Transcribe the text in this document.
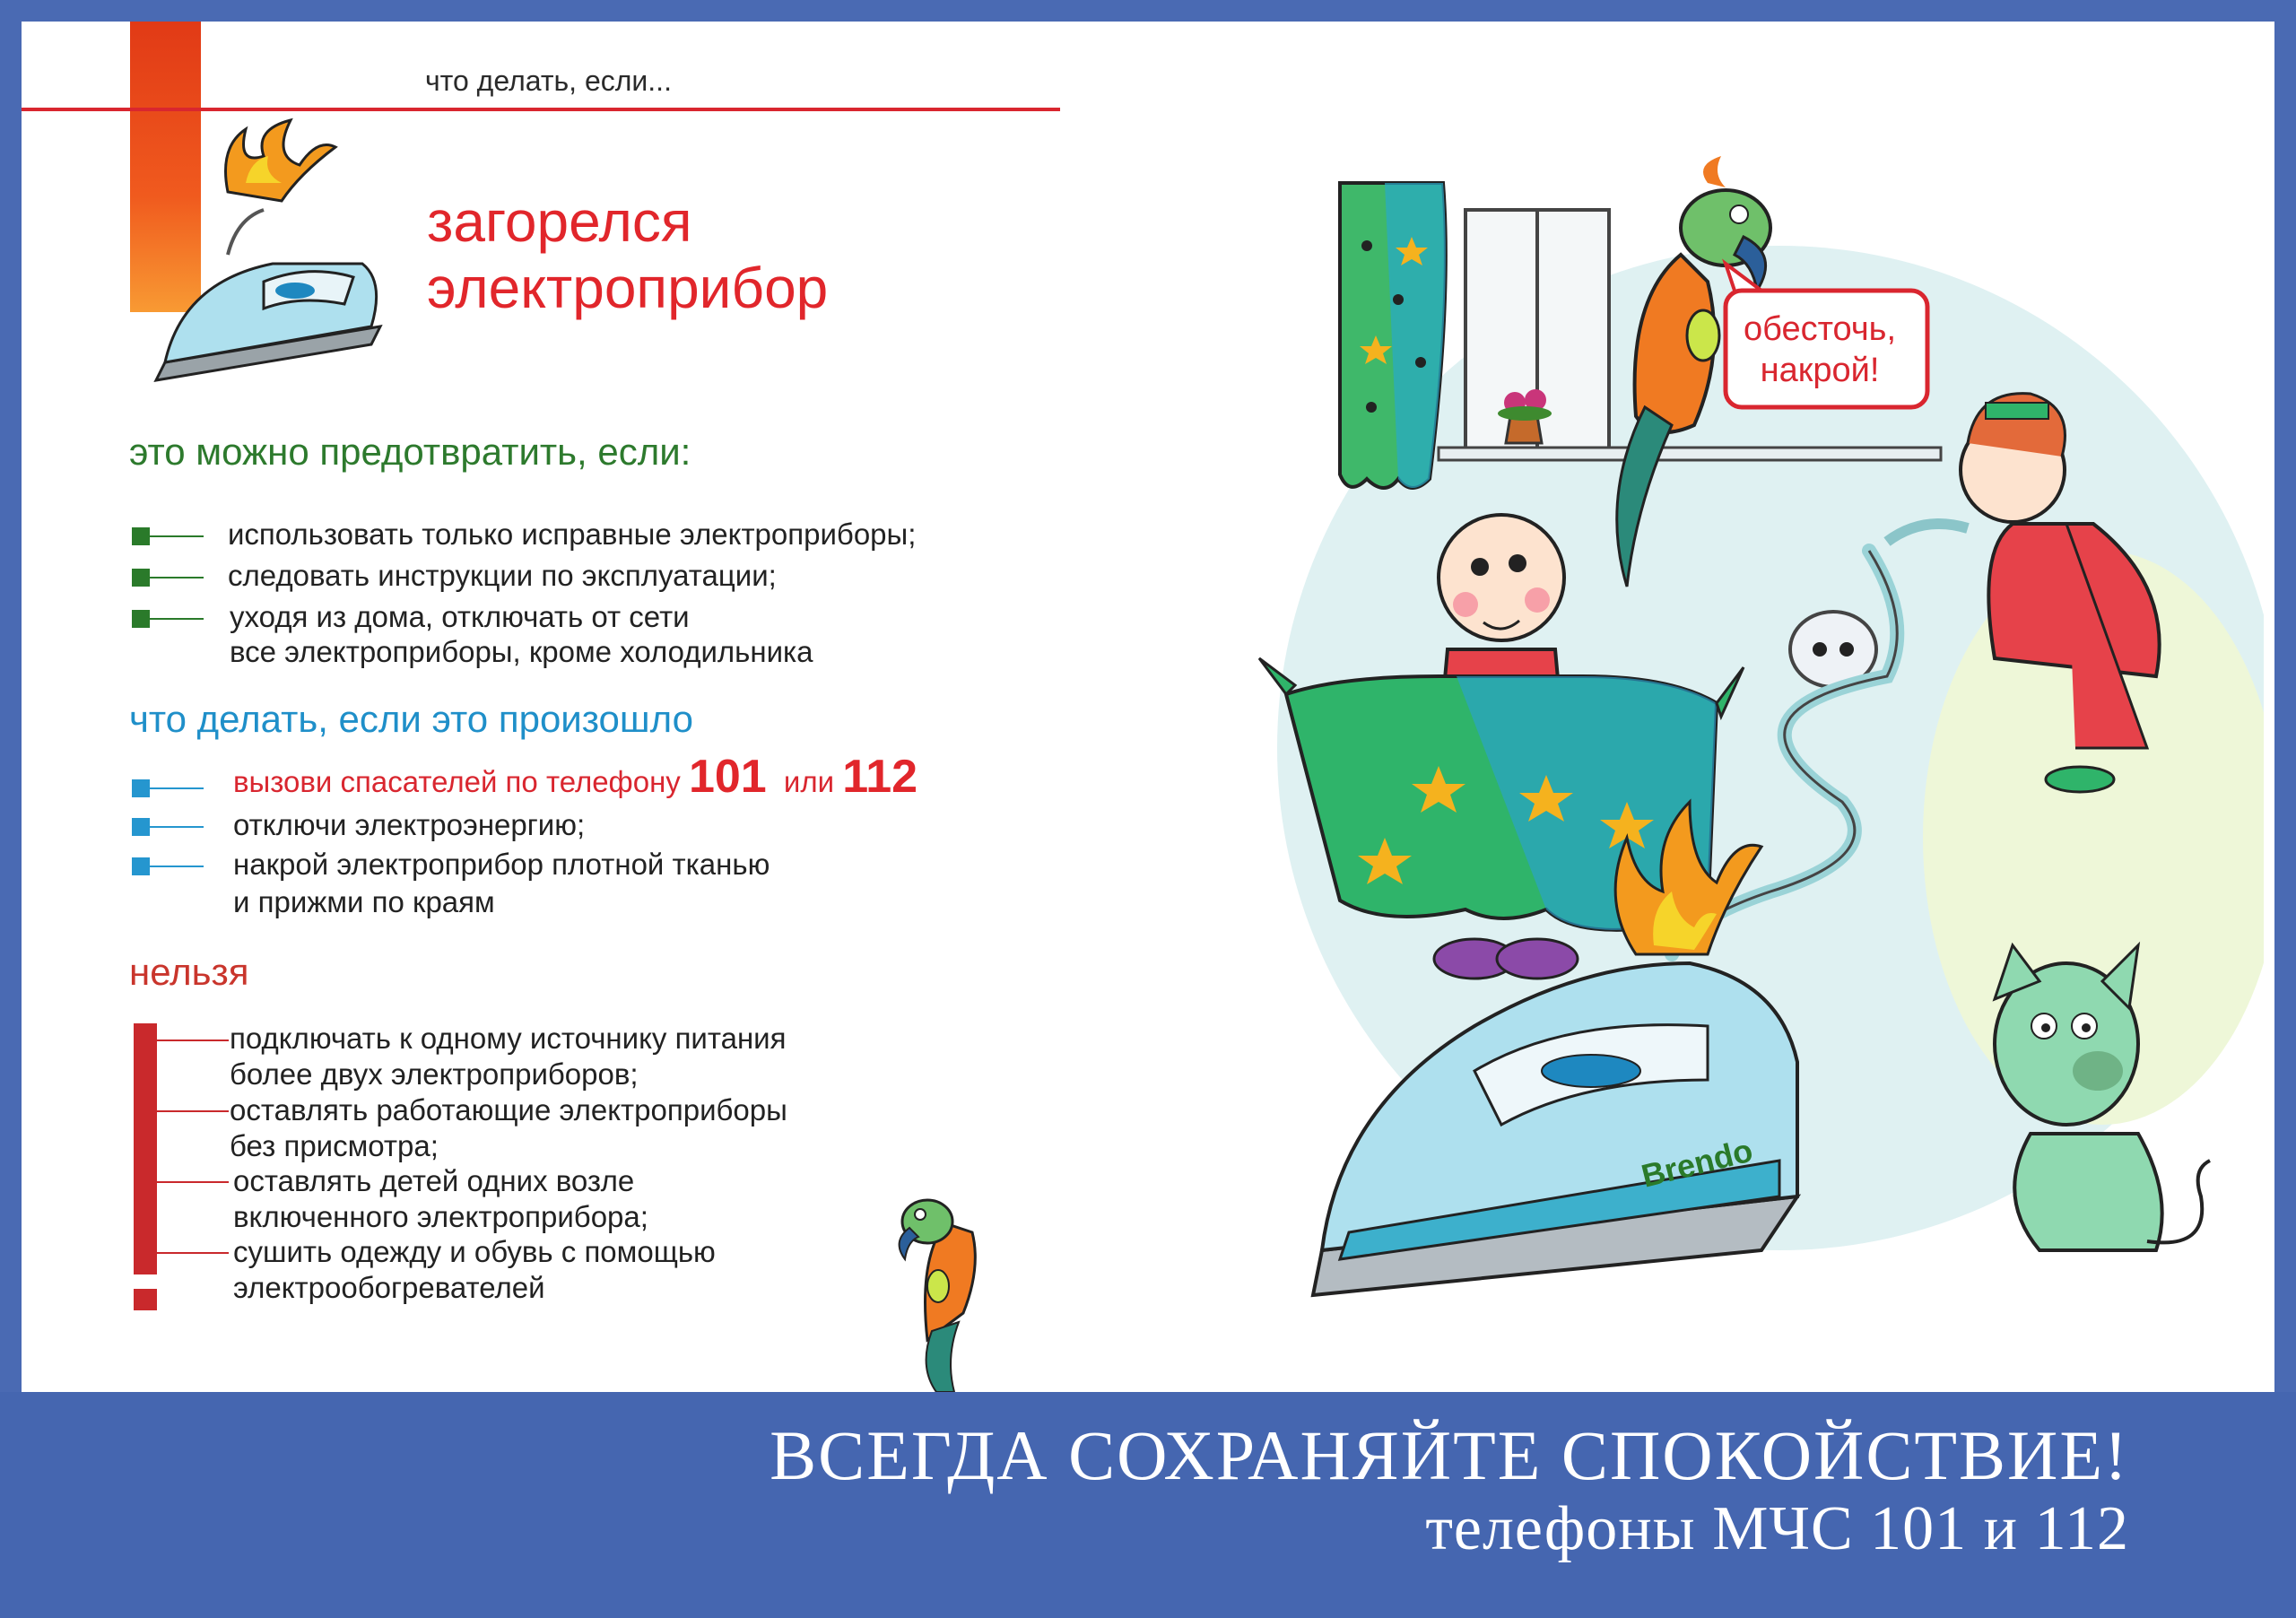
что делать, если...
загорелся
электроприбор
это можно предотвратить, если:
использовать только исправные электроприборы;
следовать инструкции по эксплуатации;
уходя из дома, отключать от сети
все электроприборы, кроме холодильника
что делать, если это произошло
вызови спасателей по телефону 101 или 112
отключи электроэнергию;
накрой электроприбор плотной тканью
и прижми по краям
нельзя
подключать к одному источнику питания
более двух электроприборов;
оставлять работающие электроприборы
без присмотра;
оставлять детей одних возле
включенного электроприбора;
сушить одежду и обувь с помощью
электрообогревателей
Brendo
обесточь,
накрой!
ВСЕГДА СОХРАНЯЙТЕ СПОКОЙСТВИЕ!
телефоны МЧС 101 и 112
